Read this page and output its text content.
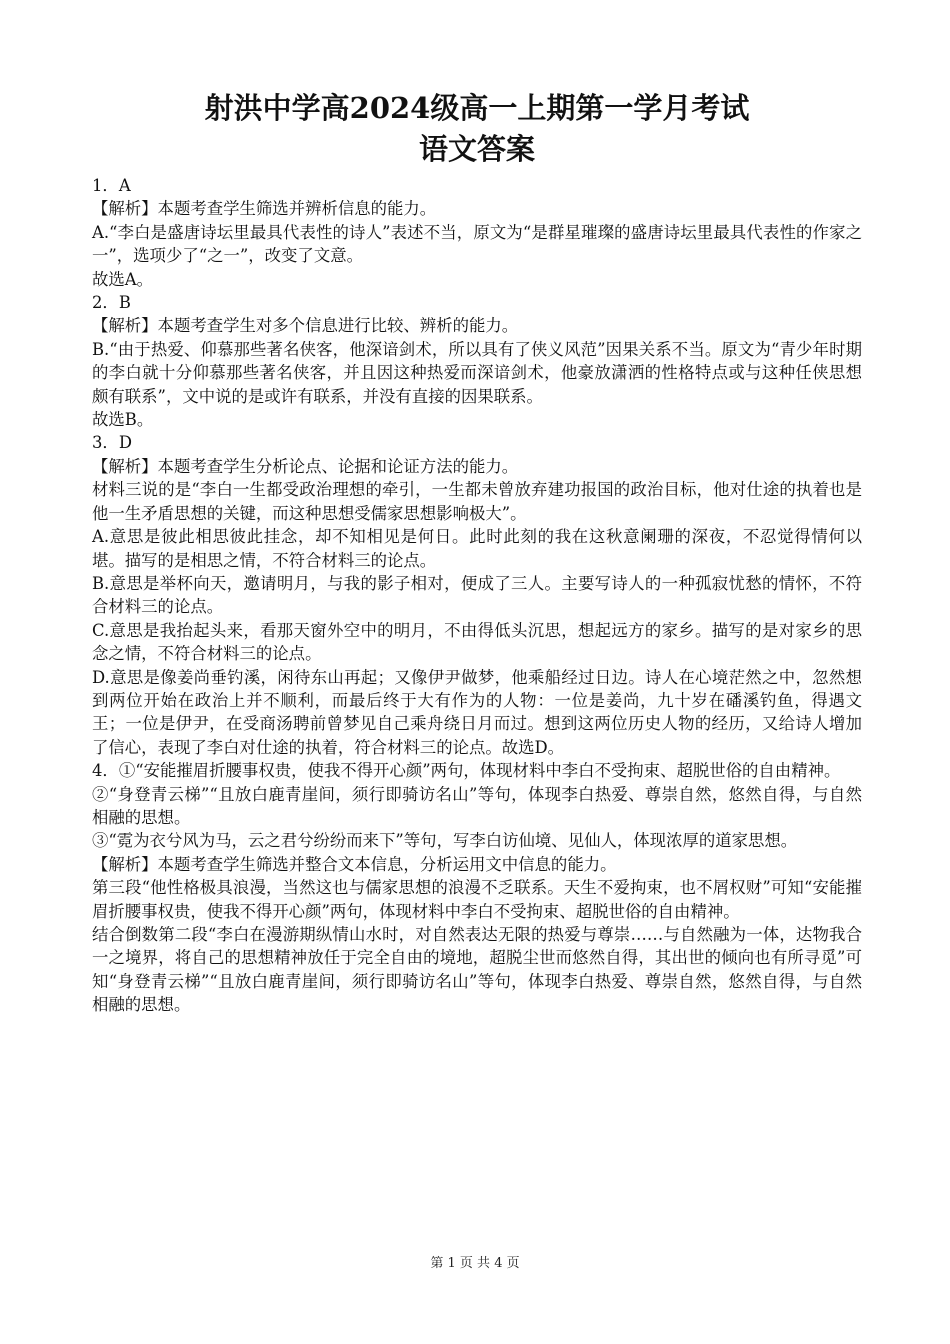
射洪中学高2024级高一上期第一学月考试
语文答案

1．A

【解析】本题考查学生筛选并辨析信息的能力。

A.“李白是盛唐诗坛里最具代表性的诗人”表述不当，原文为“是群星璀璨的盛唐诗坛里最具代表性的作家之一”，选项少了“之一”，改变了文意。

故选A。

2．B

【解析】本题考查学生对多个信息进行比较、辨析的能力。

B.“由于热爱、仰慕那些著名侠客，他深谙剑术，所以具有了侠义风范”因果关系不当。原文为“青少年时期的李白就十分仰慕那些著名侠客，并且因这种热爱而深谙剑术，他豪放潇洒的性格特点或与这种任侠思想颇有联系”，文中说的是或许有联系，并没有直接的因果联系。

故选B。

3．D

【解析】本题考查学生分析论点、论据和论证方法的能力。

材料三说的是“李白一生都受政治理想的牵引，一生都未曾放弃建功报国的政治目标，他对仕途的执着也是他一生矛盾思想的关键，而这种思想受儒家思想影响极大”。

A.意思是彼此相思彼此挂念，却不知相见是何日。此时此刻的我在这秋意阑珊的深夜，不忍觉得情何以堪。描写的是相思之情，不符合材料三的论点。

B.意思是举杯向天，邀请明月，与我的影子相对，便成了三人。主要写诗人的一种孤寂忧愁的情怀，不符合材料三的论点。

C.意思是我抬起头来，看那天窗外空中的明月，不由得低头沉思，想起远方的家乡。描写的是对家乡的思念之情，不符合材料三的论点。

D.意思是像姜尚垂钓溪，闲待东山再起；又像伊尹做梦，他乘船经过日边。诗人在心境茫然之中，忽然想到两位开始在政治上并不顺利，而最后终于大有作为的人物：一位是姜尚，九十岁在磻溪钓鱼，得遇文王；一位是伊尹，在受商汤聘前曾梦见自己乘舟绕日月而过。想到这两位历史人物的经历，又给诗人增加了信心，表现了李白对仕途的执着，符合材料三的论点。故选D。

4．①“安能摧眉折腰事权贵，使我不得开心颜”两句，体现材料中李白不受拘束、超脱世俗的自由精神。

②“身登青云梯”“且放白鹿青崖间，须行即骑访名山”等句，体现李白热爱、尊崇自然，悠然自得，与自然相融的思想。

③“霓为衣兮风为马，云之君兮纷纷而来下”等句，写李白访仙境、见仙人，体现浓厚的道家思想。

【解析】本题考查学生筛选并整合文本信息，分析运用文中信息的能力。

第三段“他性格极具浪漫，当然这也与儒家思想的浪漫不乏联系。天生不爱拘束，也不屑权财”可知“安能摧眉折腰事权贵，使我不得开心颜”两句，体现材料中李白不受拘束、超脱世俗的自由精神。

结合倒数第二段“李白在漫游期纵情山水时，对自然表达无限的热爱与尊崇……与自然融为一体，达物我合一之境界，将自己的思想精神放任于完全自由的境地，超脱尘世而悠然自得，其出世的倾向也有所寻觅”可知“身登青云梯”“且放白鹿青崖间，须行即骑访名山”等句，体现李白热爱、尊崇自然，悠然自得，与自然相融的思想。

第 1 页 共 4 页
